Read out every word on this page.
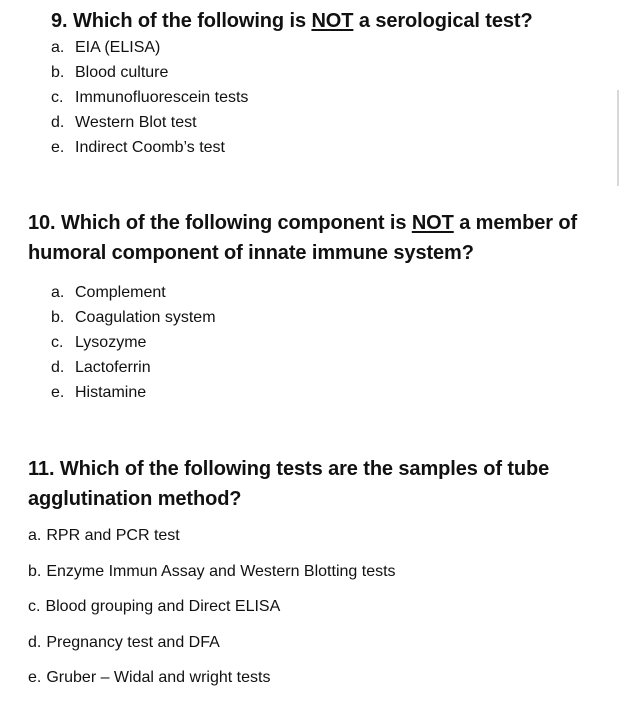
9. Which of the following is NOT a serological test?

a. EIA (ELISA)
b. Blood culture
c. Immunofluorescein tests
d. Western Blot test
e. Indirect Coomb’s test

10. Which of the following component is NOT a member of humoral component of innate immune system?

a. Complement
b. Coagulation system
c. Lysozyme
d. Lactoferrin
e. Histamine

11. Which of the following tests are the samples of tube agglutination method?

a. RPR and PCR test
b. Enzyme Immun Assay and Western Blotting tests
c. Blood grouping and Direct ELISA
d. Pregnancy test and DFA
e. Gruber – Widal and wright tests
